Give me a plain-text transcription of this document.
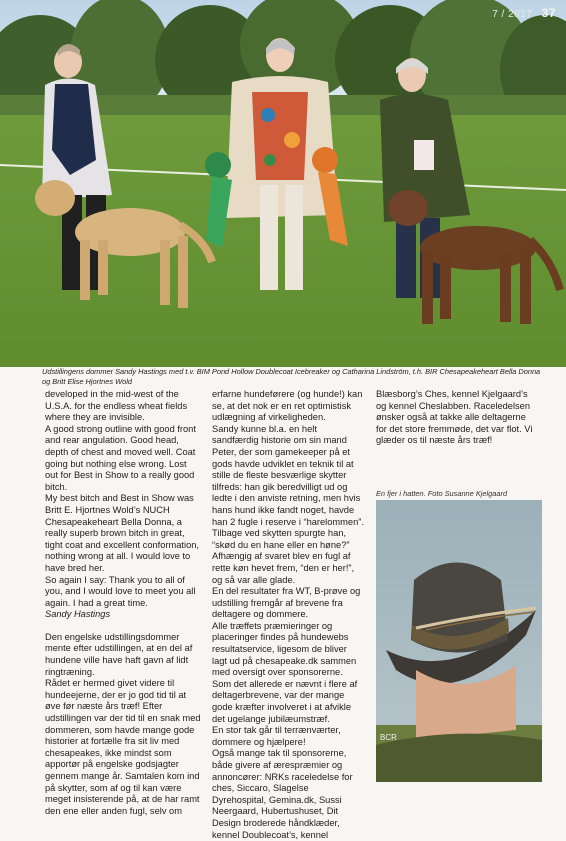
7 / 2017 37
Udstillingens dommer Sandy Hastings med t.v. BIM Pond Hollow Doublecoat Icebreaker og Catharina Lindström, t.h. BIR Chesapeakeheart Bella Donna og Britt Elise Hjortnes Wold

developed in the mid-west of the U.S.A. for the endless wheat fields where they are invisible.

A good strong outline with good front and rear angulation. Good head, depth of chest and moved well. Coat going but nothing else wrong. Lost out for Best in Show to a really good bitch.

My best bitch and Best in Show was Britt E. Hjortnes Wold’s NUCH Chesapeakeheart Bella Donna, a really superb brown bitch in great, tight coat and excellent conformation, nothing wrong at all. I would love to have bred her.

So again I say: Thank you to all of you, and I would love to meet you all again. I had a great time.

Sandy Hastings

Den engelske udstillingsdommer mente efter udstillingen, at en del af hundene ville have haft gavn af lidt ringtræning.

Rådet er hermed givet videre til hundeejerne, der er jo god tid til at øve før næste års træf! Efter udstillingen var der tid til en snak med dommeren, som havde mange gode historier at fortælle fra sit liv med chesapeakes, ikke mindst som apportør på engelske godsjagter gennem mange år. Samtalen kom ind på skytter, som af og til kan være meget insisterende på, at de har ramt den ene eller anden fugl, selv om

erfarne hundeførere (og hunde!) kan se, at det nok er en ret optimistisk udlægning af virkeligheden.

Sandy kunne bl.a. en helt sandfærdig historie om sin mand Peter, der som gamekeeper på et gods havde udviklet en teknik til at stille de fleste besværlige skytter tilfreds: han gik beredvilligt ud og ledte i den anviste retning, men hvis hans hund ikke fandt noget, havde han 2 fugle i reserve i “harelommen”. Tilbage ved skytten spurgte han, “skød du en hane eller en høne?” Afhængig af svaret blev en fugl af rette køn hevet frem, “den er her!”, og så var alle glade.

En del resultater fra WT, B-prøve og udstilling fremgår af brevene fra deltagere og dommere.

Alle træffets præmieringer og placeringer findes på hundewebs resultatservice, ligesom de bliver lagt ud på chesapeake.dk sammen med oversigt over sponsorerne.

Som det allerede er nævnt i flere af deltagerbrevene, var der mange gode kræfter involveret i at afvikle det ugelange jubilæumstræf.

En stor tak går til terrænværter, dommere og hjælpere!

Også mange tak til sponsorerne, både givere af ærespræmier og annoncører: NRKs raceledelse for ches, Siccaro, Slagelse Dyrehospital, Gemina.dk, Sussi Neergaard, Hubertushuset, Dit Design broderede håndklæder, kennel Doublecoat’s, kennel

Blæsborg’s Ches, kennel Kjelgaard’s og kennel Cheslabben. Raceledelsen ønsker også at takke alle deltagerne for det store fremmøde, det var flot. Vi glæder os til næste års træf!

En fjer i hatten. Foto Susanne Kjelgaard
BCR
